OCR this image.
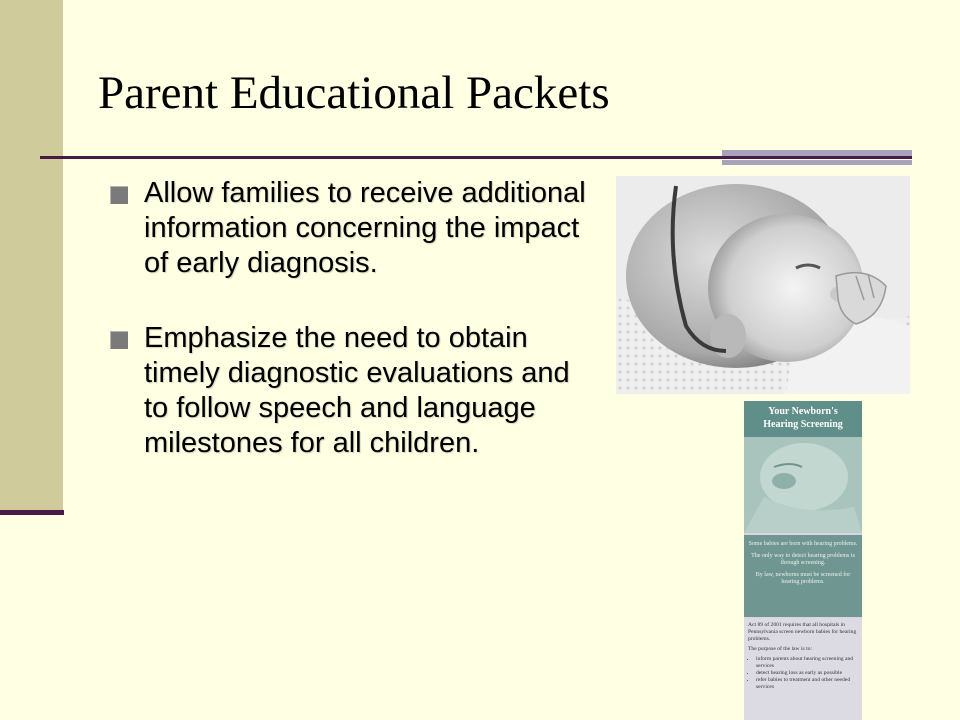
Parent Educational Packets
Allow families to receive additional information concerning the impact of early diagnosis.
Emphasize the need to obtain timely diagnostic evaluations and to follow speech and language milestones for all children.
Your Newborn's
Hearing Screening

Some babies are born with hearing problems.

The only way to detect hearing problems is through screening.

By law, newborns must be screened for hearing problems.

Act 89 of 2001 requires that all hospitals in Pennsylvania screen newborn babies for hearing problems.

The purpose of the law is to:

• inform parents about hearing screening and services
• detect hearing loss as early as possible
• refer babies to treatment and other needed services
